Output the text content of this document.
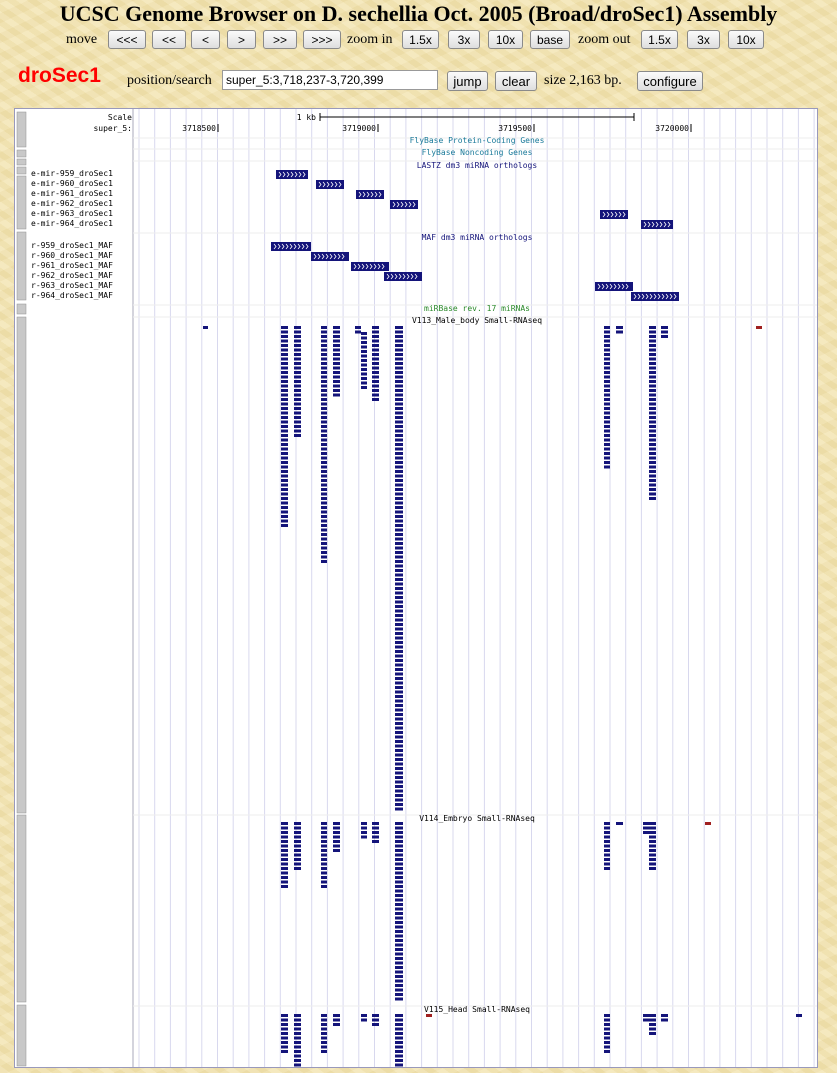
UCSC Genome Browser on D. sechellia Oct. 2005 (Broad/droSec1) Assembly
move	<<<	<<	<	>	>>	>>>	zoom in	1.5x	3x	10x	base	zoom out	1.5x	3x	10x
droSec1 position/search
super_5:3,718,237-3,720,399	jump	clear size 2,163 bp.	configure
Scale
super_5:
1 kb
3718500	3719000	3719500	3720000
FlyBase Protein-Coding Genes
FlyBase Noncoding Genes
LASTZ dm3 miRNA orthologs
MAF dm3 miRNA orthologs
miRBase rev. 17 miRNAs
V113_Male_body Small-RNAseq
V114_Embryo Small-RNAseq
V115_Head Small-RNAseq
e-mir-959_droSec1
e-mir-960_droSec1
e-mir-961_droSec1
e-mir-962_droSec1
e-mir-963_droSec1
e-mir-964_droSec1
r-959_droSec1_MAF
r-960_droSec1_MAF
r-961_droSec1_MAF
r-962_droSec1_MAF
r-963_droSec1_MAF
r-964_droSec1_MAF
